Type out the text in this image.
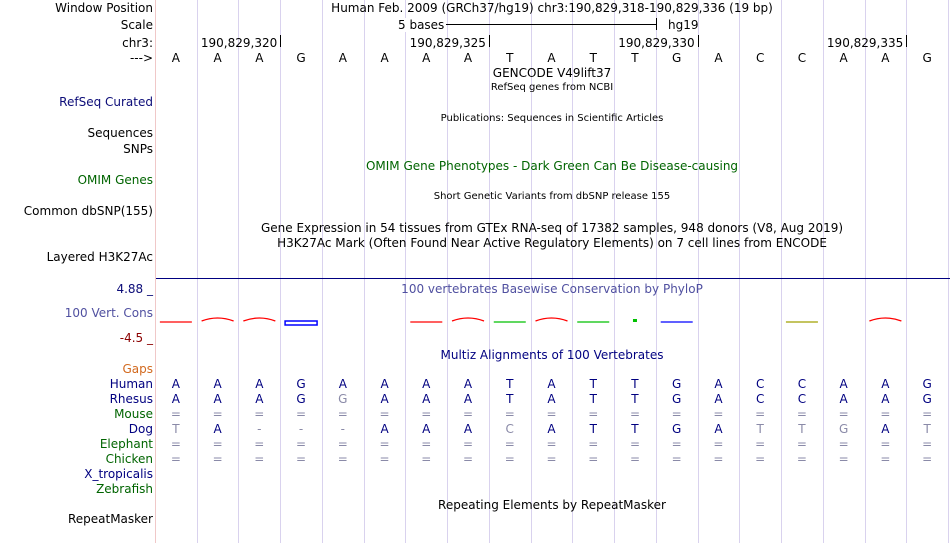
Window Position	Human Feb. 2009 (GRCh37/hg19) chr3:190,829,318-190,829,336 (19 bp)
Scale	5 bases	hg19
chr3:	190,829,320	190,829,325	190,829,330	190,829,335
---> A	A	A	G	A	A	A	A	T	A	T	T	G	A	C	C	A	A	G
GENCODE V49lift37
RefSeq genes from NCBI
RefSeq Curated
Publications: Sequences in Scientific Articles
Sequences
SNPs
OMIM Gene Phenotypes - Dark Green Can Be Disease-causing
OMIM Genes
Short Genetic Variants from dbSNP release 155
Common dbSNP(155)
Gene Expression in 54 tissues from GTEx RNA-seq of 17382 samples, 948 donors (V8, Aug 2019)
H3K27Ac Mark (Often Found Near Active Regulatory Elements) on 7 cell lines from ENCODE
Layered H3K27Ac
100 vertebrates Basewise Conservation by PhyloP
4.88 _
100 Vert. Cons
-4.5 _
Multiz Alignments of 100 Vertebrates
Gaps
Human A	A	A	G	A	A	A	A	T	A	T	T	G	A	C	C	A	A	G
Rhesus A	A	A	G	G	A	A	A	T	A	T	T	G	A	C	C	A	A	G
Mouse =	=	=	=	=	=	=	=	=	=	=	=	=	=	=	=	=	=	=
Dog T	A	-	-	-	A	A	A	C	A	T	T	G	A	T	T	G	A	T
Elephant =	=	=	=	=	=	=	=	=	=	=	=	=	=	=	=	=	=	=
Chicken =	=	=	=	=	=	=	=	=	=	=	=	=	=	=	=	=	=	=
X_tropicalis
Zebrafish
Repeating Elements by RepeatMasker
RepeatMasker
